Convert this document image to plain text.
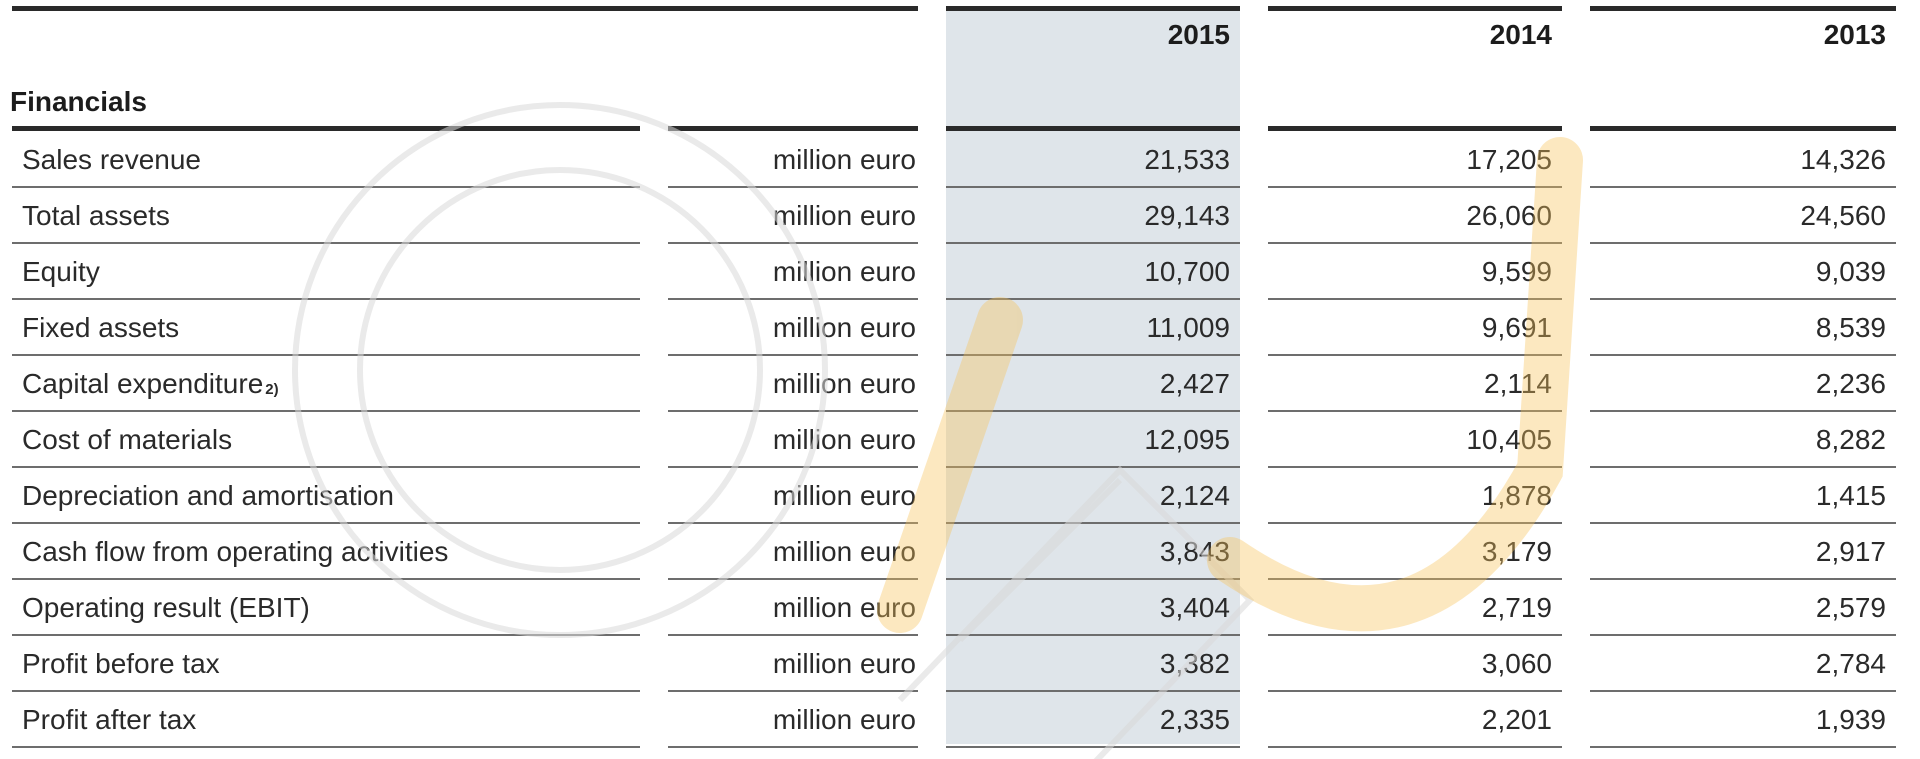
2015	2014	2013
Financials
Sales revenue	million euro	21,533	17,205	14,326
Total assets	million euro	29,143	26,060	24,560
Equity	million euro	10,700	9,599	9,039
Fixed assets	million euro	11,009	9,691	8,539
Capital expenditure $^{2)}$	million euro	2,427	2,114	2,236
Cost of materials	million euro	12,095	10,405	8,282
Depreciation and amortisation	million euro	2,124	1,878	1,415
Cash flow from operating activities	million euro	3,843	3,179	2,917
Operating result (EBIT)	million euro	3,404	2,719	2,579
Profit before tax	million euro	3,382	3,060	2,784
Profit after tax	million euro	2,335	2,201	1,939
